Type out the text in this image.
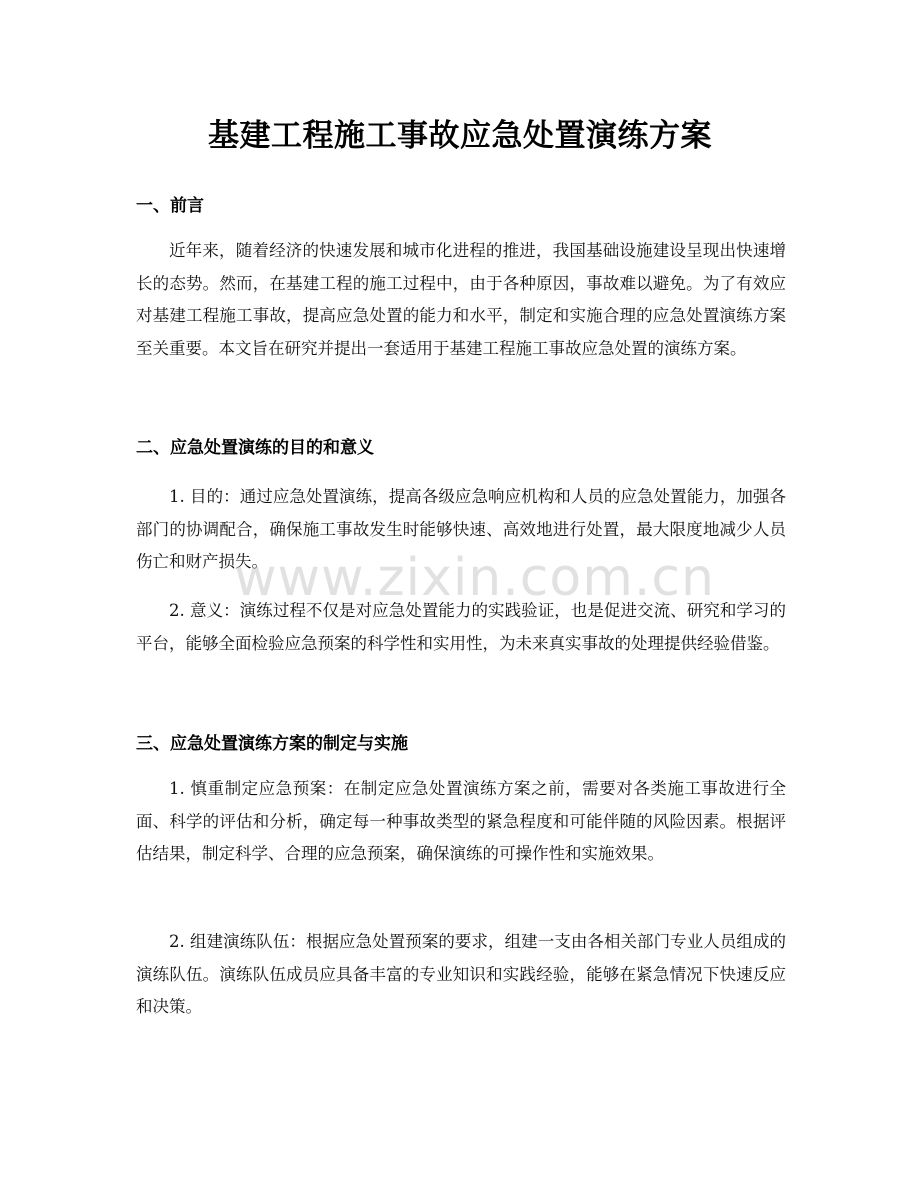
基建工程施工事故应急处置演练方案
一、前言

近年来，随着经济的快速发展和城市化进程的推进，我国基础设施建设呈现出快速增长的态势。然而，在基建工程的施工过程中，由于各种原因，事故难以避免。为了有效应对基建工程施工事故，提高应急处置的能力和水平，制定和实施合理的应急处置演练方案至关重要。本文旨在研究并提出一套适用于基建工程施工事故应急处置的演练方案。

二、应急处置演练的目的和意义

1. 目的：通过应急处置演练，提高各级应急响应机构和人员的应急处置能力，加强各部门的协调配合，确保施工事故发生时能够快速、高效地进行处置，最大限度地减少人员伤亡和财产损失。

2. 意义：演练过程不仅是对应急处置能力的实践验证，也是促进交流、研究和学习的平台，能够全面检验应急预案的科学性和实用性，为未来真实事故的处理提供经验借鉴。

三、应急处置演练方案的制定与实施

1. 慎重制定应急预案：在制定应急处置演练方案之前，需要对各类施工事故进行全面、科学的评估和分析，确定每一种事故类型的紧急程度和可能伴随的风险因素。根据评估结果，制定科学、合理的应急预案，确保演练的可操作性和实施效果。

2. 组建演练队伍：根据应急处置预案的要求，组建一支由各相关部门专业人员组成的演练队伍。演练队伍成员应具备丰富的专业知识和实践经验，能够在紧急情况下快速反应和决策。

www.zixin.com.cn
